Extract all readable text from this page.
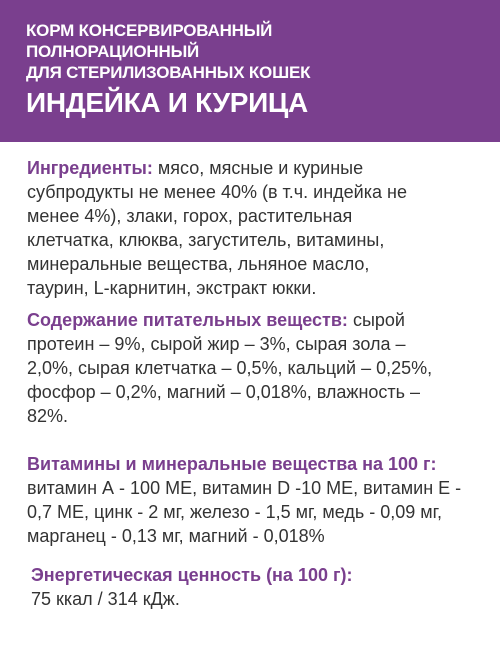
КОРМ КОНСЕРВИРОВАННЫЙ
ПОЛНОРАЦИОННЫЙ
ДЛЯ СТЕРИЛИЗОВАННЫХ КОШЕК
ИНДЕЙКА И КУРИЦА
Ингредиенты: мясо, мясные и куриные
субпродукты не менее 40% (в т.ч. индейка не
менее 4%), злаки, горох, растительная
клетчатка, клюква, загуститель, витамины,
минеральные вещества, льняное масло,
таурин, L-карнитин, экстракт юкки.
Содержание питательных веществ: сырой
протеин – 9%, сырой жир – 3%, сырая зола –
2,0%, сырая клетчатка – 0,5%, кальций – 0,25%,
фосфор – 0,2%, магний – 0,018%, влажность –
82%.
Витамины и минеральные вещества на 100 г:
витамин А - 100 МЕ, витамин D -10 МЕ, витамин Е -
0,7 МЕ, цинк - 2 мг, железо - 1,5 мг, медь - 0,09 мг,
марганец - 0,13 мг, магний - 0,018%
Энергетическая ценность (на 100 г):
75 ккал / 314 кДж.
